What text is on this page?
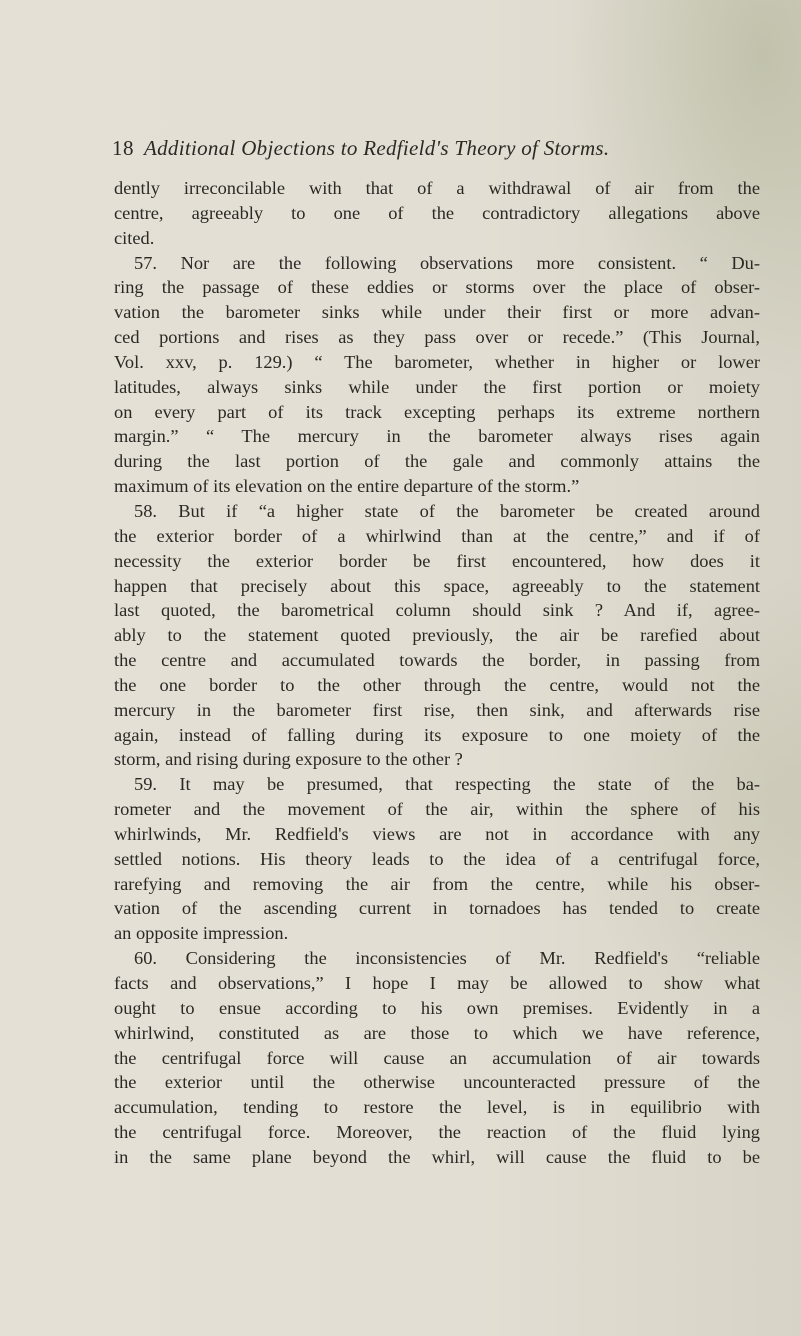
18 Additional Objections to Redfield's Theory of Storms.
dently irreconcilable with that of a withdrawal of air from the
centre, agreeably to one of the contradictory allegations above
cited.
57. Nor are the following observations more consistent. “ Du-
ring the passage of these eddies or storms over the place of obser-
vation the barometer sinks while under their first or more advan-
ced portions and rises as they pass over or recede.” (This Journal,
Vol. xxv, p. 129.) “ The barometer, whether in higher or lower
latitudes, always sinks while under the first portion or moiety
on every part of its track excepting perhaps its extreme northern
margin.” “ The mercury in the barometer always rises again
during the last portion of the gale and commonly attains the
maximum of its elevation on the entire departure of the storm.”
58. But if “a higher state of the barometer be created around
the exterior border of a whirlwind than at the centre,” and if of
necessity the exterior border be first encountered, how does it
happen that precisely about this space, agreeably to the statement
last quoted, the barometrical column should sink ? And if, agree-
ably to the statement quoted previously, the air be rarefied about
the centre and accumulated towards the border, in passing from
the one border to the other through the centre, would not the
mercury in the barometer first rise, then sink, and afterwards rise
again, instead of falling during its exposure to one moiety of the
storm, and rising during exposure to the other ?
59. It may be presumed, that respecting the state of the ba-
rometer and the movement of the air, within the sphere of his
whirlwinds, Mr. Redfield's views are not in accordance with any
settled notions. His theory leads to the idea of a centrifugal force,
rarefying and removing the air from the centre, while his obser-
vation of the ascending current in tornadoes has tended to create
an opposite impression.
60. Considering the inconsistencies of Mr. Redfield's “reliable
facts and observations,” I hope I may be allowed to show what
ought to ensue according to his own premises. Evidently in a
whirlwind, constituted as are those to which we have reference,
the centrifugal force will cause an accumulation of air towards
the exterior until the otherwise uncounteracted pressure of the
accumulation, tending to restore the level, is in equilibrio with
the centrifugal force. Moreover, the reaction of the fluid lying
in the same plane beyond the whirl, will cause the fluid to be
